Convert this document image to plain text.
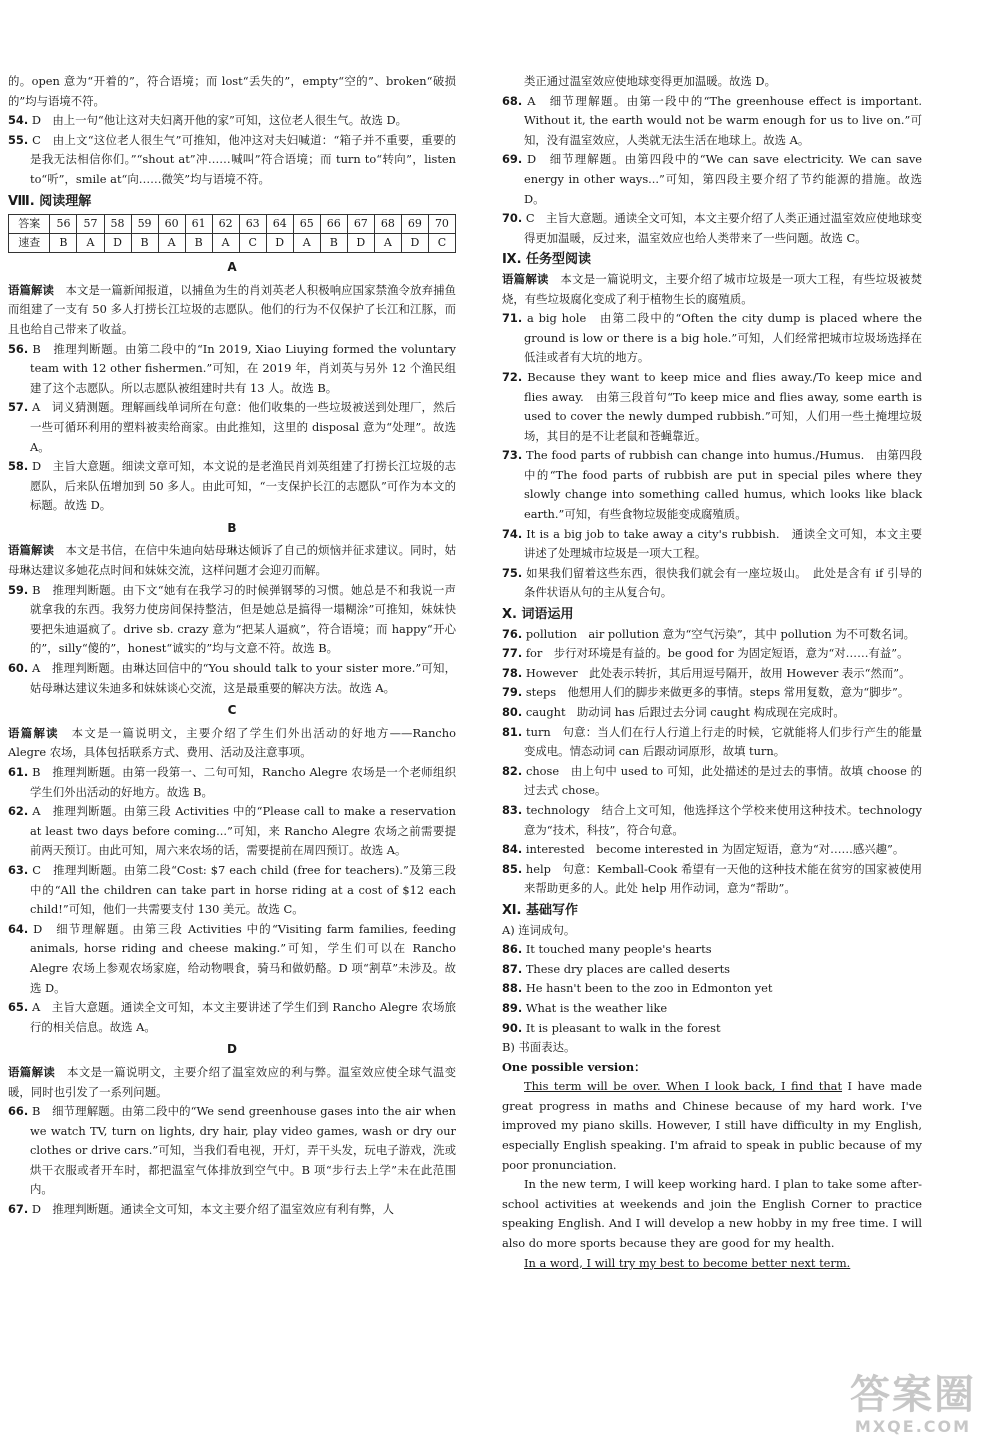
的。open 意为“开着的”，符合语境；而 lost“丢失的”，empty“空的”、broken“破损的”均与语境不符。

54. D　由上一句“他让这对夫妇离开他的家”可知，这位老人很生气。故选 D。

55. C　由上文“这位老人很生气”可推知，他冲这对夫妇喊道：“箱子并不重要，重要的是我无法相信你们。”“shout at”冲……喊叫”符合语境；而 turn to“转向”，listen to“听”，smile at“向……微笑”均与语境不符。

Ⅷ. 阅读理解

答案	56	57	58	59	60	61	62	63	64	65	66	67	68	69	70
速查	B	A	D	B	A	B	A	C	D	A	B	D	A	D	C

A

语篇解读　 本文是一篇新闻报道，以捕鱼为生的肖刘英老人积极响应国家禁渔令放弃捕鱼而组建了一支有 50 多人打捞长江垃圾的志愿队。他们的行为不仅保护了长江和江豚，而且也给自己带来了收益。

56. B　推理判断题。由第二段中的“In 2019, Xiao Liuying formed the voluntary team with 12 other fishermen.”可知，在 2019 年，肖刘英与另外 12 个渔民组建了这个志愿队。所以志愿队被组建时共有 13 人。故选 B。

57. A　词义猜测题。理解画线单词所在句意：他们收集的一些垃圾被送到处理厂，然后一些可循环利用的塑料被卖给商家。由此推知，这里的 disposal 意为“处理”。故选 A。

58. D　主旨大意题。细读文章可知，本文说的是老渔民肖刘英组建了打捞长江垃圾的志愿队，后来队伍增加到 50 多人。由此可知，“一支保护长江的志愿队”可作为本文的标题。故选 D。

B

语篇解读　 本文是书信，在信中朱迪向姑母琳达倾诉了自己的烦恼并征求建议。同时，姑母琳达建议多她花点时间和妹妹交流，这样问题才会迎刃而解。

59. B　推理判断题。由下文“她有在我学习的时候弹钢琴的习惯。她总是不和我说一声就拿我的东西。我努力使房间保持整洁，但是她总是搞得一塌糊涂”可推知，妹妹快要把朱迪逼疯了。drive sb. crazy 意为“把某人逼疯”，符合语境；而 happy“开心的”，silly“傻的”，honest“诚实的”均与文意不符。故选 B。

60. A　推理判断题。由琳达回信中的“You should talk to your sister more.”可知，姑母琳达建议朱迪多和妹妹谈心交流，这是最重要的解决方法。故选 A。

C

语篇解读　 本文是一篇说明文，主要介绍了学生们外出活动的好地方——Rancho Alegre 农场，具体包括联系方式、费用、活动及注意事项。

61. B　推理判断题。由第一段第一、二句可知，Rancho Alegre 农场是一个老师组织学生们外出活动的好地方。故选 B。

62. A　推理判断题。由第三段 Activities 中的“Please call to make a reservation at least two days before coming...”可知，来 Rancho Alegre 农场之前需要提前两天预订。由此可知，周六来农场的话，需要提前在周四预订。故选 A。

63. C　推理判断题。由第二段“Cost: $7 each child (free for teachers).”及第三段中的“All the children can take part in horse riding at a cost of $12 each child!”可知，他们一共需要支付 130 美元。故选 C。

64. D　细节理解题。由第三段 Activities 中的“Visiting farm families, feeding animals, horse riding and cheese making.”可知，学生们可以在 Rancho Alegre 农场上参观农场家庭，给动物喂食，骑马和做奶酪。D 项“割草”未涉及。故选 D。

65. A　主旨大意题。通读全文可知，本文主要讲述了学生们到 Rancho Alegre 农场旅行的相关信息。故选 A。

D

语篇解读　 本文是一篇说明文，主要介绍了温室效应的利与弊。温室效应使全球气温变暖，同时也引发了一系列问题。

66. B　细节理解题。由第二段中的“We send greenhouse gases into the air when we watch TV, turn on lights, dry hair, play video games, wash or dry our clothes or drive cars.”可知，当我们看电视，开灯，弄干头发，玩电子游戏，洗或烘干衣服或者开车时，都把温室气体排放到空气中。B 项“步行去上学”未在此范围内。

67. D　推理判断题。通读全文可知，本文主要介绍了温室效应有利有弊，人

类正通过温室效应使地球变得更加温暖。故选 D。

68. A　细节理解题。由第一段中的“The greenhouse effect is important. Without it, the earth would not be warm enough for us to live on.”可知，没有温室效应，人类就无法生活在地球上。故选 A。

69. D　细节理解题。由第四段中的“We can save electricity. We can save energy in other ways...”可知，第四段主要介绍了节约能源的措施。故选 D。

70. C　主旨大意题。通读全文可知，本文主要介绍了人类正通过温室效应使地球变得更加温暖，反过来，温室效应也给人类带来了一些问题。故选 C。

Ⅸ. 任务型阅读

语篇解读　 本文是一篇说明文，主要介绍了城市垃圾是一项大工程，有些垃圾被焚烧，有些垃圾腐化变成了利于植物生长的腐殖质。

71. a big hole　由第二段中的“Often the city dump is placed where the ground is low or there is a big hole.”可知，人们经常把城市垃圾场选择在低洼或者有大坑的地方。

72. Because they want to keep mice and flies away./To keep mice and flies away.　由第三段首句“To keep mice and flies away, some earth is used to cover the newly dumped rubbish.”可知，人们用一些土掩埋垃圾场，其目的是不让老鼠和苍蝇靠近。

73. The food parts of rubbish can change into humus./Humus.　由第四段中的“The food parts of rubbish are put in special piles where they slowly change into something called humus, which looks like black earth.”可知，有些食物垃圾能变成腐殖质。

74. It is a big job to take away a city's rubbish.　通读全文可知，本文主要讲述了处理城市垃圾是一项大工程。

75. 如果我们留着这些东西，很快我们就会有一座垃圾山。　此处是含有 if 引导的条件状语从句的主从复合句。

Ⅹ. 词语运用

76. pollution　air pollution 意为“空气污染”，其中 pollution 为不可数名词。

77. for　步行对环境是有益的。be good for 为固定短语，意为“对……有益”。

78. However　此处表示转折，其后用逗号隔开，故用 However 表示“然而”。

79. steps　他想用人们的脚步来做更多的事情。steps 常用复数，意为“脚步”。

80. caught　助动词 has 后跟过去分词 caught 构成现在完成时。

81. turn　句意：当人们在行人行道上行走的时候，它就能将人们步行产生的能量变成电。情态动词 can 后跟动词原形，故填 turn。

82. chose　由上句中 used to 可知，此处描述的是过去的事情。故填 choose 的过去式 chose。

83. technology　结合上文可知，他选择这个学校来使用这种技术。technology 意为“技术，科技”，符合句意。

84. interested　become interested in 为固定短语，意为“对……感兴趣”。

85. help　句意：Kemball-Cook 希望有一天他的这种技术能在贫穷的国家被使用来帮助更多的人。此处 help 用作动词，意为“帮助”。

Ⅺ. 基础写作

A) 连词成句。

86. It touched many people's hearts

87. These dry places are called deserts

88. He hasn't been to the zoo in Edmonton yet

89. What is the weather like

90. It is pleasant to walk in the forest

B) 书面表达。

One possible version：

This term will be over. When I look back, I find that I have made great progress in maths and Chinese because of my hard work. I've improved my piano skills. However, I still have difficulty in my English, especially English speaking. I'm afraid to speak in public because of my poor pronunciation.

In the new term, I will keep working hard. I plan to take some after-school activities at weekends and join the English Corner to practice speaking English. And I will develop a new hobby in my free time. I will also do more sports because they are good for my health.

In a word, I will try my best to become better next term.

答案圈
MXQE.COM
